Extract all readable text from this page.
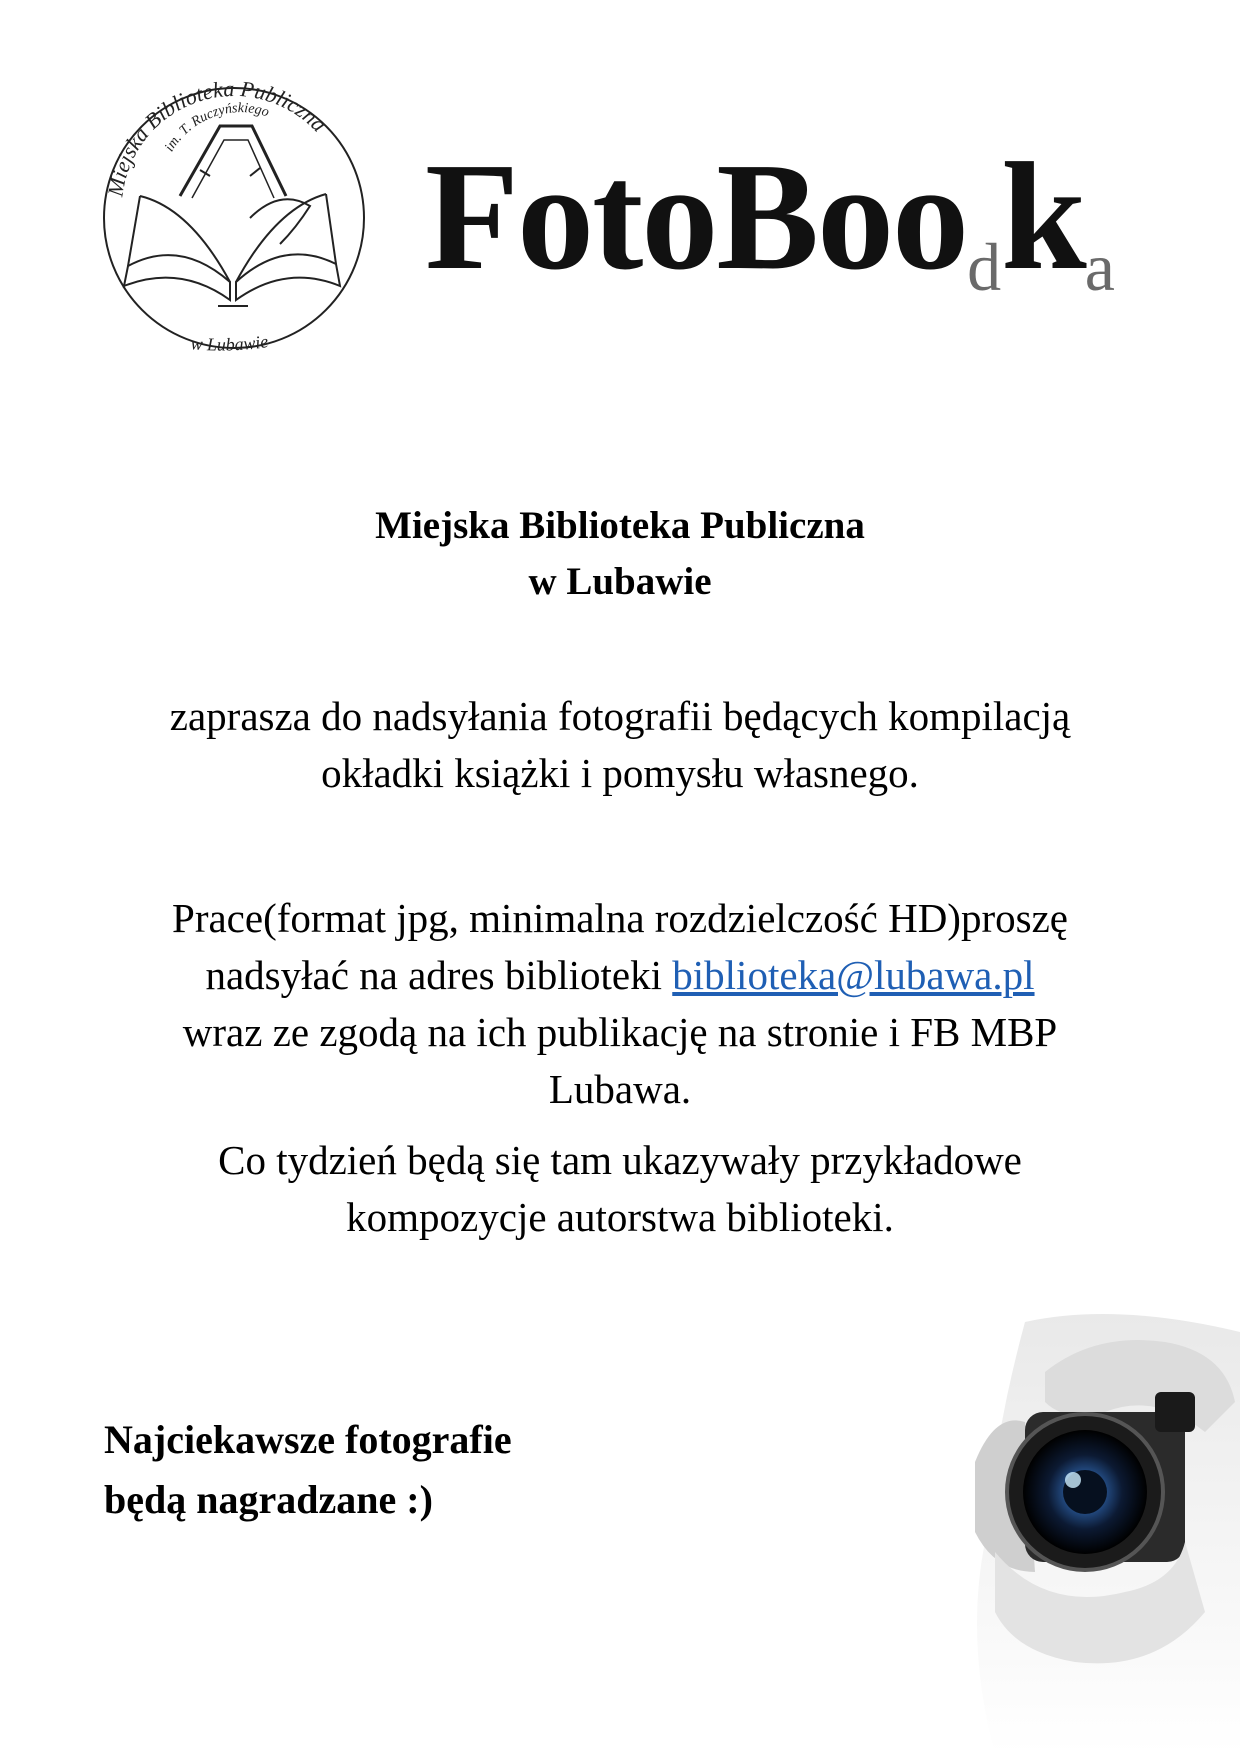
Miejska Biblioteka Publiczna
im. T. Ruczyńskiego
w Lubawie
$FotoBoo_dk_a$
Miejska Biblioteka Publiczna
w Lubawie
zaprasza do nadsyłania fotografii będących kompilacją
okładki książki i pomysłu własnego.
Prace(format jpg, minimalna rozdzielczość HD)proszę
nadsyłać na adres biblioteki biblioteka@lubawa.pl
wraz ze zgodą na ich publikację na stronie i FB MBP
Lubawa.
Co tydzień będą się tam ukazywały przykładowe
kompozycje autorstwa biblioteki.
Najciekawsze fotografie
będą nagradzane :)
